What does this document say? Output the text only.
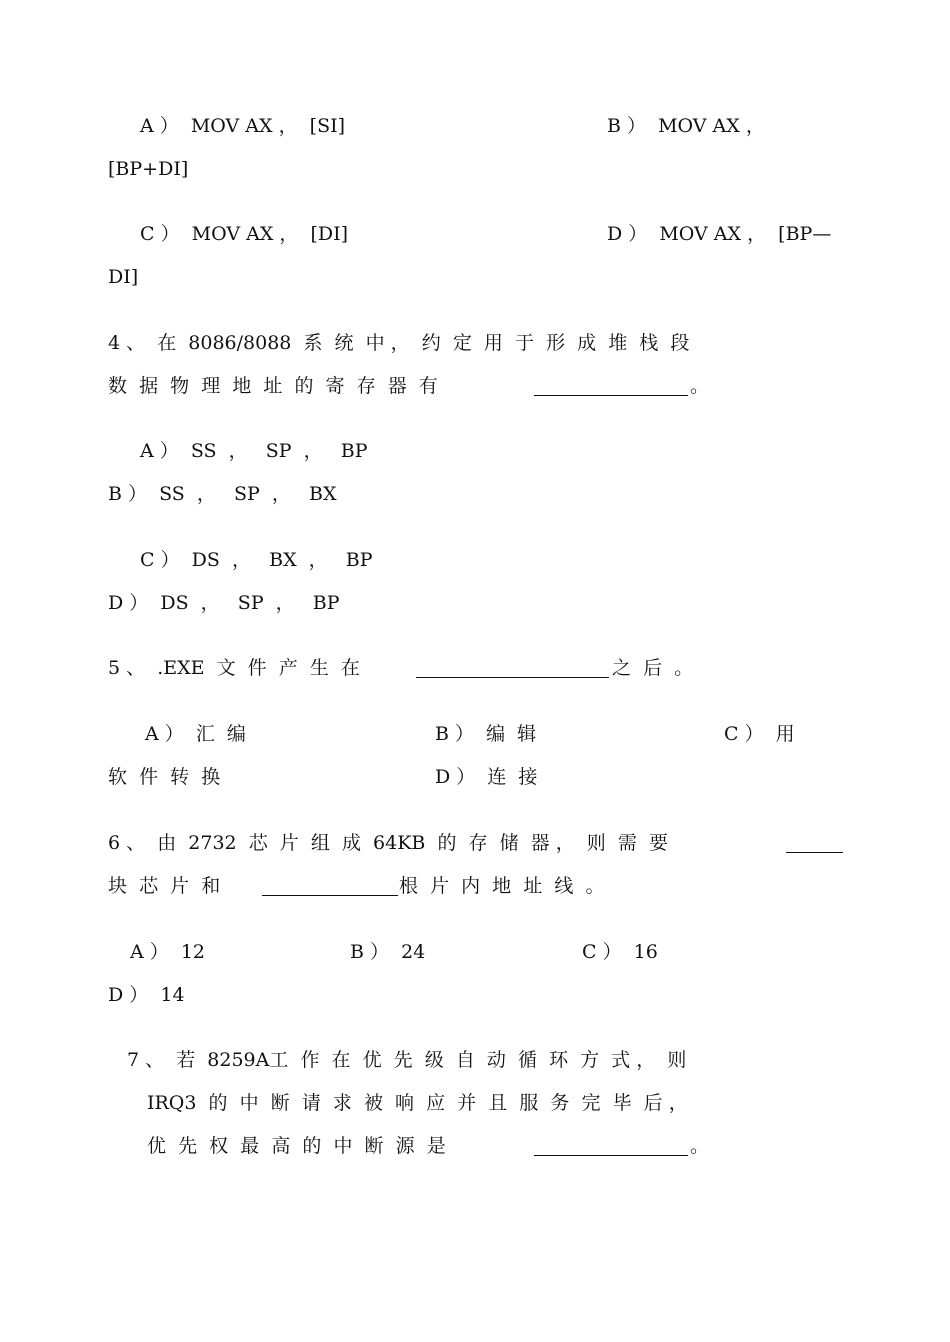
A ）  MOV AX ，  [SI]	B ）  MOV AX ，
[BP+DI]
C ）  MOV AX ，  [DI]	D ）  MOV AX ，  [BP—
DI]
4 、  在  8086/8088  系  统  中 ，  约  定  用  于  形  成  堆  栈  段
数  据  物  理  地  址  的  寄  存  器  有	。
A ）  SS  ，   SP  ，   BP
B ）  SS  ，   SP  ，   BX
C ）  DS  ，   BX  ，   BP
D ）  DS  ，   SP  ，   BP
5 、  .EXE  文  件  产  生  在	之  后  。
A ）  汇  编	B ）  编  辑	C ）  用
软  件  转  换	D ）  连  接
6 、  由  2732  芯  片  组  成  64KB  的  存  储  器 ，  则  需  要
块  芯  片  和	根  片  内  地  址  线  。
A ）  12	B ）  24	C ）  16
D ）  14
7 、  若  8259A工  作  在  优  先  级  自  动  循  环  方  式 ，  则
IRQ3  的  中  断  请  求  被  响  应  并  且  服  务  完  毕  后 ，
优  先  权  最  高  的  中  断  源  是	。
